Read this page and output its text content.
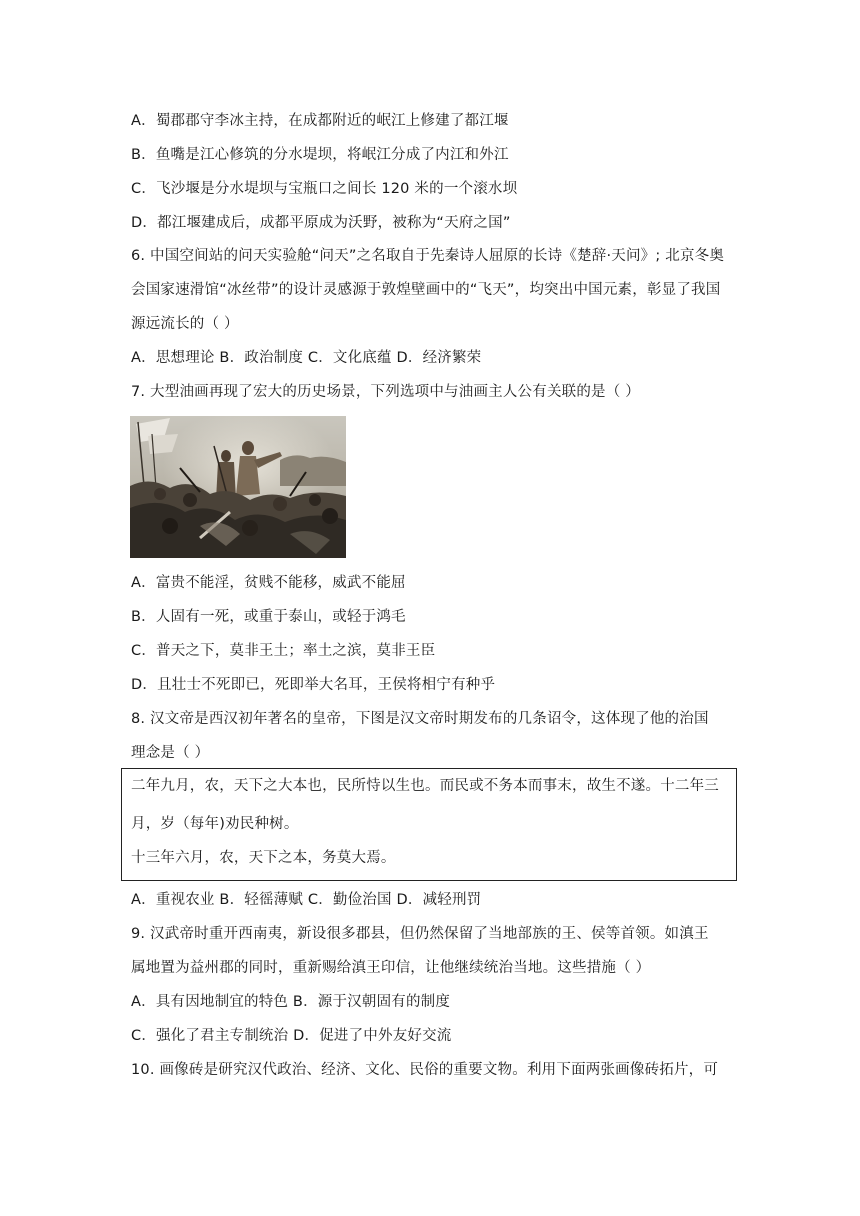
A．蜀郡郡守李冰主持，在成都附近的岷江上修建了都江堰
B．鱼嘴是江心修筑的分水堤坝，将岷江分成了内江和外江
C．飞沙堰是分水堤坝与宝瓶口之间长 120 米的一个滚水坝
D．都江堰建成后，成都平原成为沃野，被称为“天府之国”
6. 中国空间站的问天实验舱“问天”之名取自于先秦诗人屈原的长诗《楚辞·天问》; 北京冬奥
会国家速滑馆“冰丝带”的设计灵感源于敦煌壁画中的“飞天”，均突出中国元素，彰显了我国
源远流长的（ ）
A．思想理论 B．政治制度 C．文化底蕴 D．经济繁荣
7. 大型油画再现了宏大的历史场景，下列选项中与油画主人公有关联的是（ ）
A．富贵不能淫，贫贱不能移，威武不能屈
B．人固有一死，或重于泰山，或轻于鸿毛
C．普天之下，莫非王土；率土之滨，莫非王臣
D．且壮士不死即已，死即举大名耳，王侯将相宁有种乎
8. 汉文帝是西汉初年著名的皇帝，下图是汉文帝时期发布的几条诏令，这体现了他的治国
理念是（ ）
二年九月，农，天下之大本也，民所恃以生也。而民或不务本而事末，故生不遂。十二年三
月，岁（每年)劝民种树。
十三年六月，农，天下之本，务莫大焉。
A．重视农业 B．轻徭薄赋 C．勤俭治国 D．减轻刑罚
9. 汉武帝时重开西南夷，新设很多郡县，但仍然保留了当地部族的王、侯等首领。如滇王
属地置为益州郡的同时，重新赐给滇王印信，让他继续统治当地。这些措施（ ）
A．具有因地制宜的特色 B．源于汉朝固有的制度
C．强化了君主专制统治 D．促进了中外友好交流
10. 画像砖是研究汉代政治、经济、文化、民俗的重要文物。利用下面两张画像砖拓片，可
